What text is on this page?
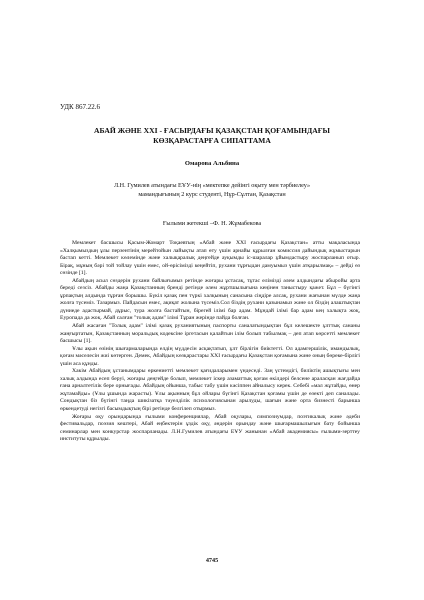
УДК 867.22.6
АБАЙ ЖӘНЕ XXI - ҒАСЫРДАҒЫ ҚАЗАҚСТАН ҚОҒАМЫНДАҒЫ
КӨЗҚАРАСТАРҒА СИПАТТАМА
Омарова Альбина
Л.Н. Гумилев атындағы ЕҰУ-нің «мектепке дейінгі оқыту мен тәрбиелеу»
мамандығының 2 курс студенті, Нұр-Сұлтан, Қазақстан
Ғылыми жетекші –Ф. Н. Жұмабекова

Мемлекет басшысы Қасым-Жомарт Тоқаевтың «Абай және XXI ғасырдағы Қазақстан» атты мақаласында «Халқымыздың ұлы перзентінің мерейтойын лайықты атап өту үшін арнайы құрылған комиссия дайындық жұмыстарын бастап кетті. Мемлекет көлемінде және халықаралық деңгейде ауқымды іс-шаралар ұйымдастыру жоспарланып отыр. Бірақ, мұның бәрі той тойлау үшін емес, ой-өрісімізді кеңейтіп, рухани тұрғыдан дамуымыз үшін атқарылмақ» – дейді өз сөзінде [1].

Абайдың асыл сөздерін рухани байлығымыз ретінде жоғары ұстасақ, тұтас елімізді әлем алдындағы абыройы арта береді сезсіз. Абайды жаңа Қазақстанның брендi ретiнде әлем жұртшылығына кеңінен таныстыру қажет. Бұл – бүгінгі ұрпақтың алдында тұрған борышы. Бүкіл қазақ пен түркі халқының санасына сіңдіре алсақ, рухани жағынан мүлде жаңа жолға түсеміз. Тазармыз. Пайдасын емес, ақиқат жолына түсеміз.Сол біздің рухани қазынамыз және ол біздің алаштықтан дүниеде адастырмай, дұрыс, тура жолға бастайтын, бірегей ілімі бар адам. Мұндай ілімі бар адам кең халықта жоқ, Еуропада да жоқ. Абай салған "толық адам" ілімі Тұран жерінде пайда болған.

Абай жасаған "Толық адам" ілімі қазақ руханиятының паспорты саналатындықтан бұл келешекте ұлттық сананы жаңғыртатын, Қазақстанның моральдық кодексіне іргетасын қалайтын ілім болып табылмақ – деп атап көрсетті мемлекет басшысы [1].

Ұлы ақын өзінің шығармаларында елдің мүддесін асқақтатып, ұлт бірлігін биіктетті. Ол адамгершілік, имандылық, қоғам мәселесін жиі көтерген. Демек, Абайдың көзқарастары XXI ғасырдағы Қазақстан қоғамына және оның бөреке-бірлігі үшін аса құнды.

Хакім Абайдың ұстанымдары өркениетті мемлекет қағидаларымен үндеседі. Заң үстемдігі, билiктiң ашықтығы мен халық алдында есеп беруі, жоғары деңгейде болып, мемлекет іскер азаматтық қоғам өкілдері белсене араласқан жағдайда ғана арналтетілік бере орнығады. Абайдың ойынша, табыс табу үшін кәсіппен айналысу керек. Себебі «мал жұтайды, өнер жұтамайды» (Ұлы ұшында жарасты). Ұлы ақынның бұл ойлары бүгінгі Қазақстан қоғамы үшін де өзекті деп саналады. Сондықтан біз бүгінгі таңда шикізатқа тәуелділік психологиясынан арылуды, шағын және орта бизнесті барынша өркендетуді негізгі басымдықтың бірі ретінде белгілеп отырмыз.

Жоғары оқу орындарында ғылыми конференциялар, Абай оқулары, симпозиумдар, поэтикалық және әдеби фестивальдар, поэзия кештері, Абай еңбектерін ұздік оқу, әндерін орындау және шығармашылығын бату бойынша семинарлар мен конкурстар жоспарланады. Л.Н.Гумилев атындағы ЕҰУ жанынан «Абай академиясы» ғылыми-зерттеу институты құрылды.

4745
